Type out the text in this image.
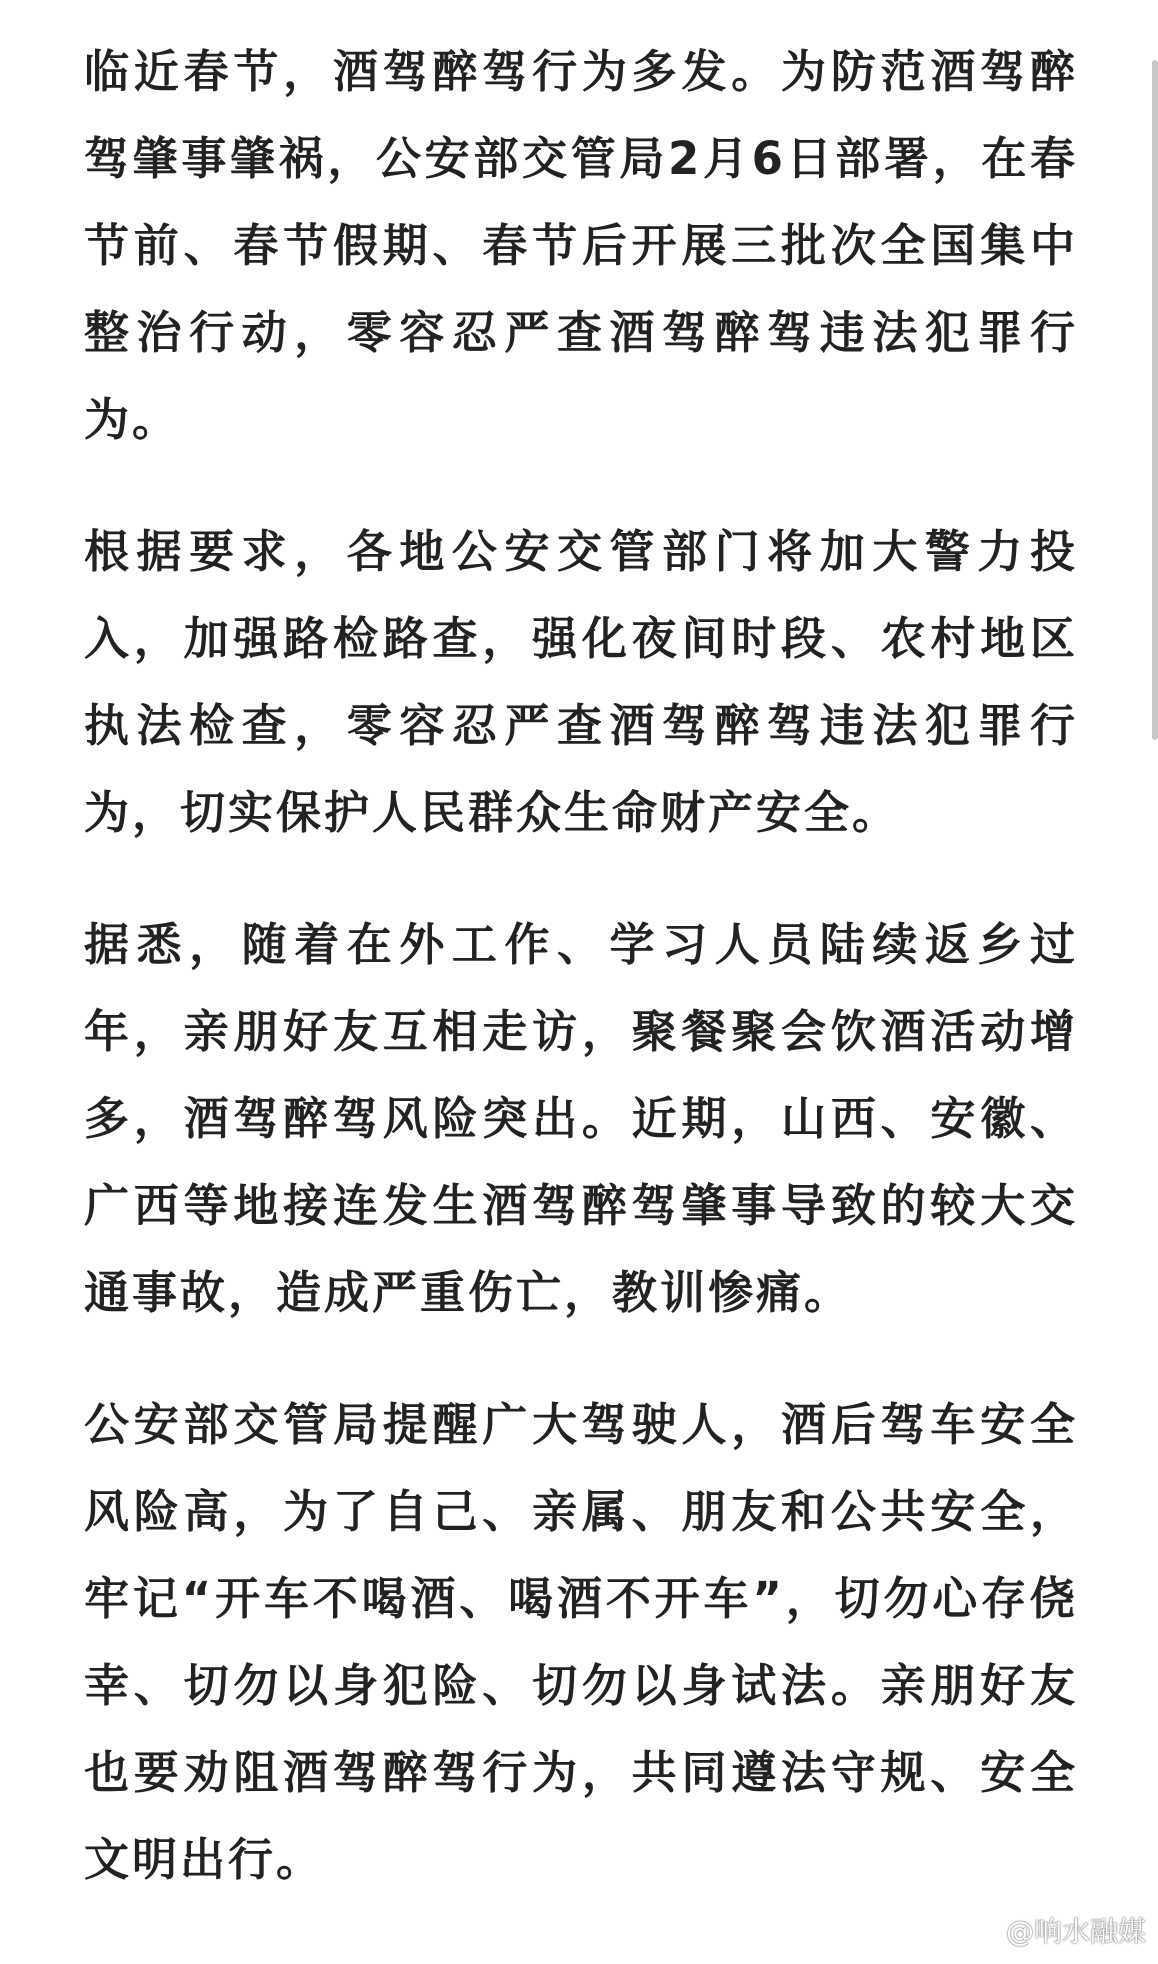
临近春节，酒驾醉驾行为多发。为防范酒驾醉驾肇事肇祸，公安部交管局2月6日部署，在春节前、春节假期、春节后开展三批次全国集中整治行动，零容忍严查酒驾醉驾违法犯罪行为。

根据要求，各地公安交管部门将加大警力投入，加强路检路查，强化夜间时段、农村地区执法检查，零容忍严查酒驾醉驾违法犯罪行为，切实保护人民群众生命财产安全。

据悉，随着在外工作、学习人员陆续返乡过年，亲朋好友互相走访，聚餐聚会饮酒活动增多，酒驾醉驾风险突出。近期，山西、安徽、广西等地接连发生酒驾醉驾肇事导致的较大交通事故，造成严重伤亡，教训惨痛。

公安部交管局提醒广大驾驶人，酒后驾车安全风险高，为了自己、亲属、朋友和公共安全，牢记“开车不喝酒、喝酒不开车”，切勿心存侥幸、切勿以身犯险、切勿以身试法。亲朋好友也要劝阻酒驾醉驾行为，共同遵法守规、安全文明出行。

@响水融媒
